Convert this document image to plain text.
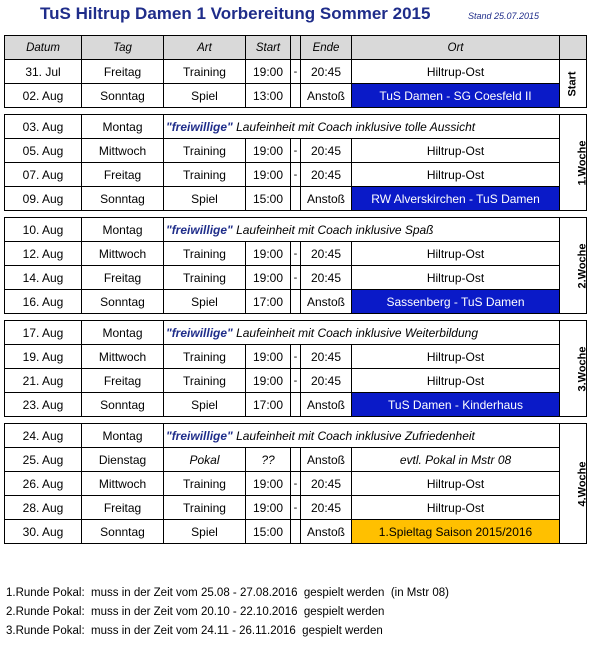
TuS Hiltrup Damen 1 Vorbereitung Sommer 2015	Stand 25.07.2015
Datum	Tag	Art	Start		Ende	Ort	
31. Jul	Freitag	Training	19:00	-	20:45	Hiltrup-Ost	Start
02. Aug	Sonntag	Spiel	13:00		Anstoß	TuS Damen - SG Coesfeld II	

03. Aug	Montag	"freiwillige" Laufeinheit mit Coach inklusive tolle Aussicht					1.Woche
05. Aug	Mittwoch	Training	19:00	-	20:45	Hiltrup-Ost	
07. Aug	Freitag	Training	19:00	-	20:45	Hiltrup-Ost	
09. Aug	Sonntag	Spiel	15:00		Anstoß	RW Alverskirchen - TuS Damen	

10. Aug	Montag	"freiwillige" Laufeinheit mit Coach inklusive Spaß					2.Woche
12. Aug	Mittwoch	Training	19:00	-	20:45	Hiltrup-Ost	
14. Aug	Freitag	Training	19:00	-	20:45	Hiltrup-Ost	
16. Aug	Sonntag	Spiel	17:00		Anstoß	Sassenberg - TuS Damen	

17. Aug	Montag	"freiwillige" Laufeinheit mit Coach inklusive Weiterbildung					3.Woche
19. Aug	Mittwoch	Training	19:00	-	20:45	Hiltrup-Ost	
21. Aug	Freitag	Training	19:00	-	20:45	Hiltrup-Ost	
23. Aug	Sonntag	Spiel	17:00		Anstoß	TuS Damen - Kinderhaus	

24. Aug	Montag	"freiwillige" Laufeinheit mit Coach inklusive Zufriedenheit					4.Woche
25. Aug	Dienstag	Pokal	??		Anstoß	evtl. Pokal in Mstr 08	
26. Aug	Mittwoch	Training	19:00	-	20:45	Hiltrup-Ost	
28. Aug	Freitag	Training	19:00	-	20:45	Hiltrup-Ost	
30. Aug	Sonntag	Spiel	15:00		Anstoß	1.Spieltag Saison 2015/2016	
1.Runde Pokal:  muss in der Zeit vom 25.08 - 27.08.2016  gespielt werden  (in Mstr 08)
2.Runde Pokal:  muss in der Zeit vom 20.10 - 22.10.2016  gespielt werden
3.Runde Pokal:  muss in der Zeit vom 24.11 - 26.11.2016  gespielt werden
